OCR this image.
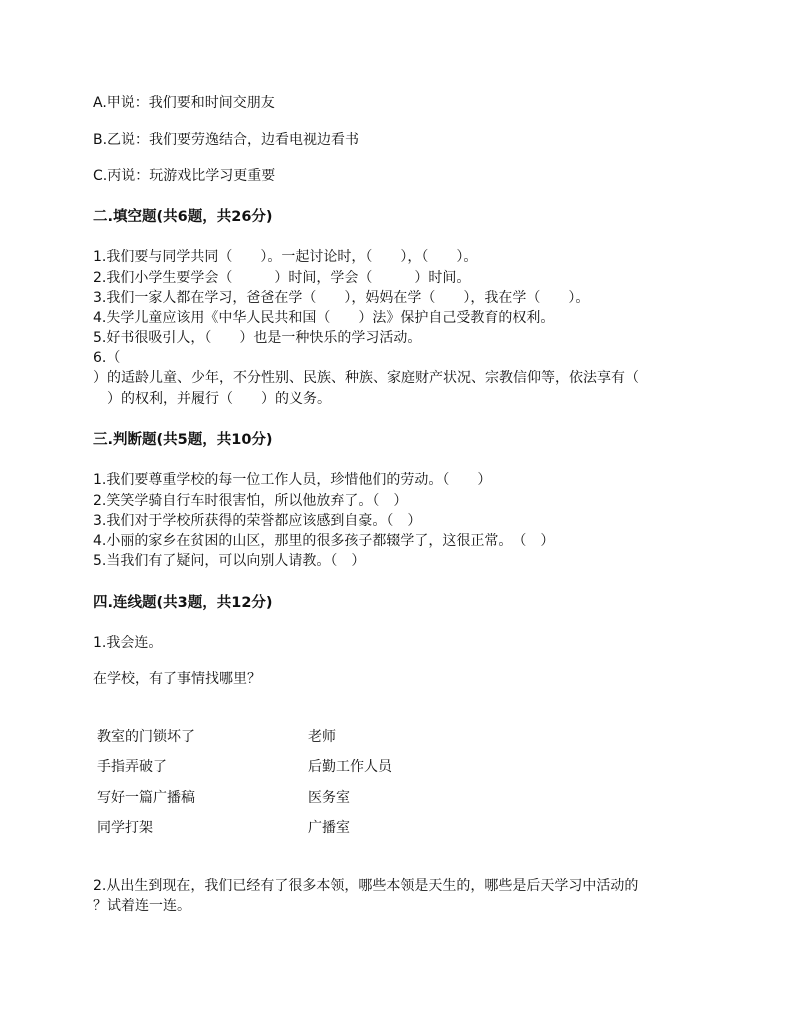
A.甲说：我们要和时间交朋友
B.乙说：我们要劳逸结合，边看电视边看书
C.丙说：玩游戏比学习更重要
二.填空题(共6题，共26分)
1.我们要与同学共同（　　）。一起讨论时，（　　），（　　）。
2.我们小学生要学会（　　　）时间，学会（　　　）时间。
3.我们一家人都在学习，爸爸在学（　　），妈妈在学（　　），我在学（　　）。
4.失学儿童应该用《中华人民共和国（　　）法》保护自己受教育的权利。
5.好书很吸引人，（　　）也是一种快乐的学习活动。
6.（
）的适龄儿童、少年，不分性别、民族、种族、家庭财产状况、宗教信仰等，依法享有（
　）的权利，并履行（　　）的义务。
三.判断题(共5题，共10分)
1.我们要尊重学校的每一位工作人员，珍惜他们的劳动。（　　）
2.笑笑学骑自行车时很害怕，所以他放弃了。（　）
3.我们对于学校所获得的荣誉都应该感到自豪。（　）
4.小丽的家乡在贫困的山区，那里的很多孩子都辍学了，这很正常。　（　）
5.当我们有了疑问，可以向别人请教。（　）
四.连线题(共3题，共12分)
1.我会连。
在学校，有了事情找哪里？
教室的门锁坏了
手指弄破了
写好一篇广播稿
同学打架
老师
后勤工作人员
医务室
广播室
2.从出生到现在，我们已经有了很多本领，哪些本领是天生的，哪些是后天学习中活动的
？试着连一连。
